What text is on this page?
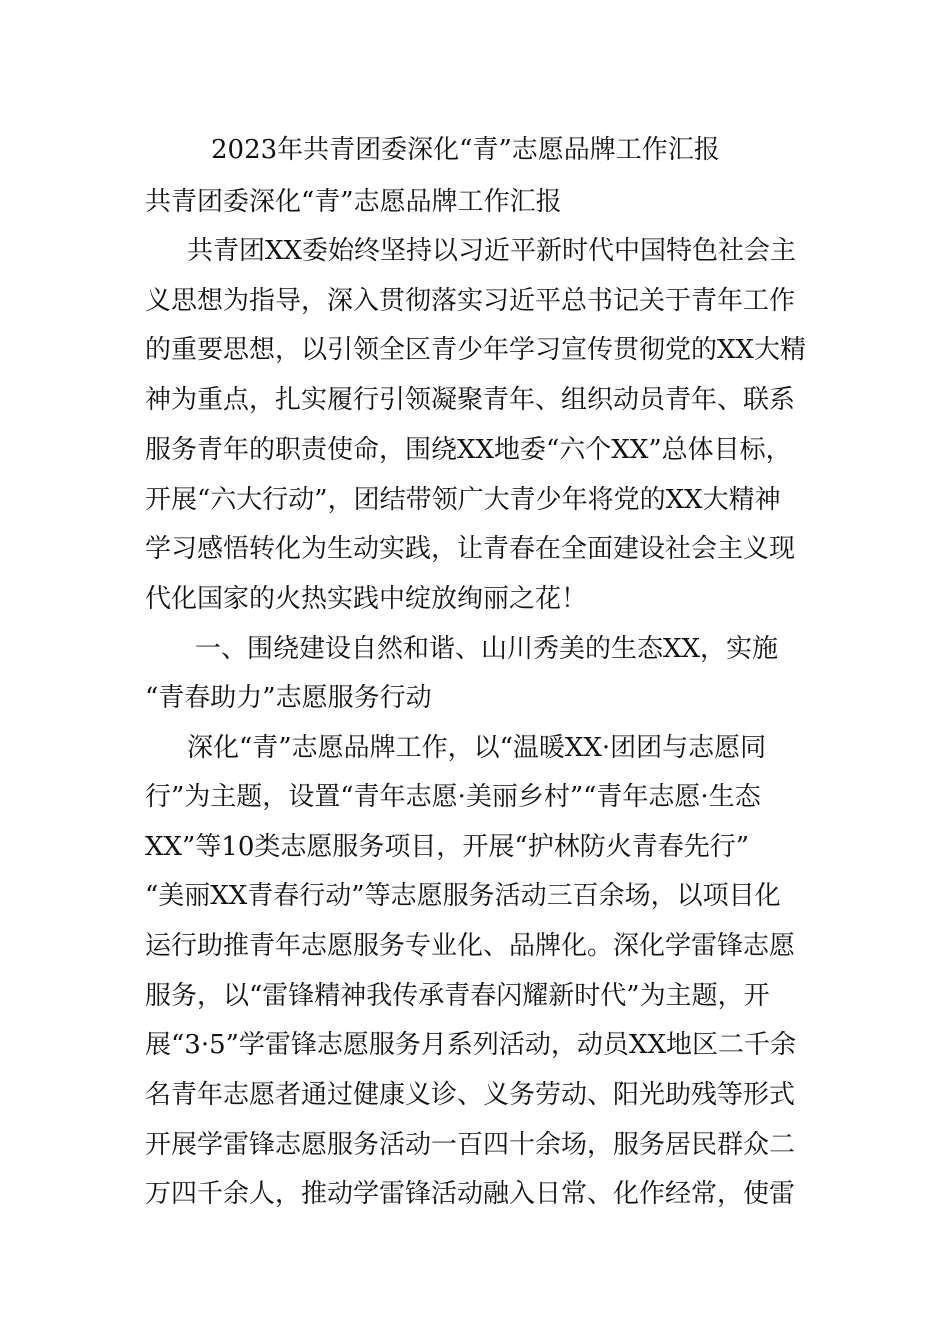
2023年共青团委深化“青”志愿品牌工作汇报
共青团委深化“青”志愿品牌工作汇报
共青团XX委始终坚持以习近平新时代中国特色社会主
义思想为指导，深入贯彻落实习近平总书记关于青年工作
的重要思想，以引领全区青少年学习宣传贯彻党的XX大精
神为重点，扎实履行引领凝聚青年、组织动员青年、联系
服务青年的职责使命，围绕XX地委“六个XX”总体目标，
开展“六大行动”，团结带领广大青少年将党的XX大精神
学习感悟转化为生动实践，让青春在全面建设社会主义现
代化国家的火热实践中绽放绚丽之花！
一、围绕建设自然和谐、山川秀美的生态XX，实施
“青春助力”志愿服务行动
深化“青”志愿品牌工作，以“温暖XX·团团与志愿同
行”为主题，设置“青年志愿·美丽乡村”“青年志愿·生态
XX”等10类志愿服务项目，开展“护林防火青春先行”
“美丽XX青春行动”等志愿服务活动三百余场，以项目化
运行助推青年志愿服务专业化、品牌化。深化学雷锋志愿
服务，以“雷锋精神我传承青春闪耀新时代”为主题，开
展“3·5”学雷锋志愿服务月系列活动，动员XX地区二千余
名青年志愿者通过健康义诊、义务劳动、阳光助残等形式
开展学雷锋志愿服务活动一百四十余场，服务居民群众二
万四千余人，推动学雷锋活动融入日常、化作经常，使雷
